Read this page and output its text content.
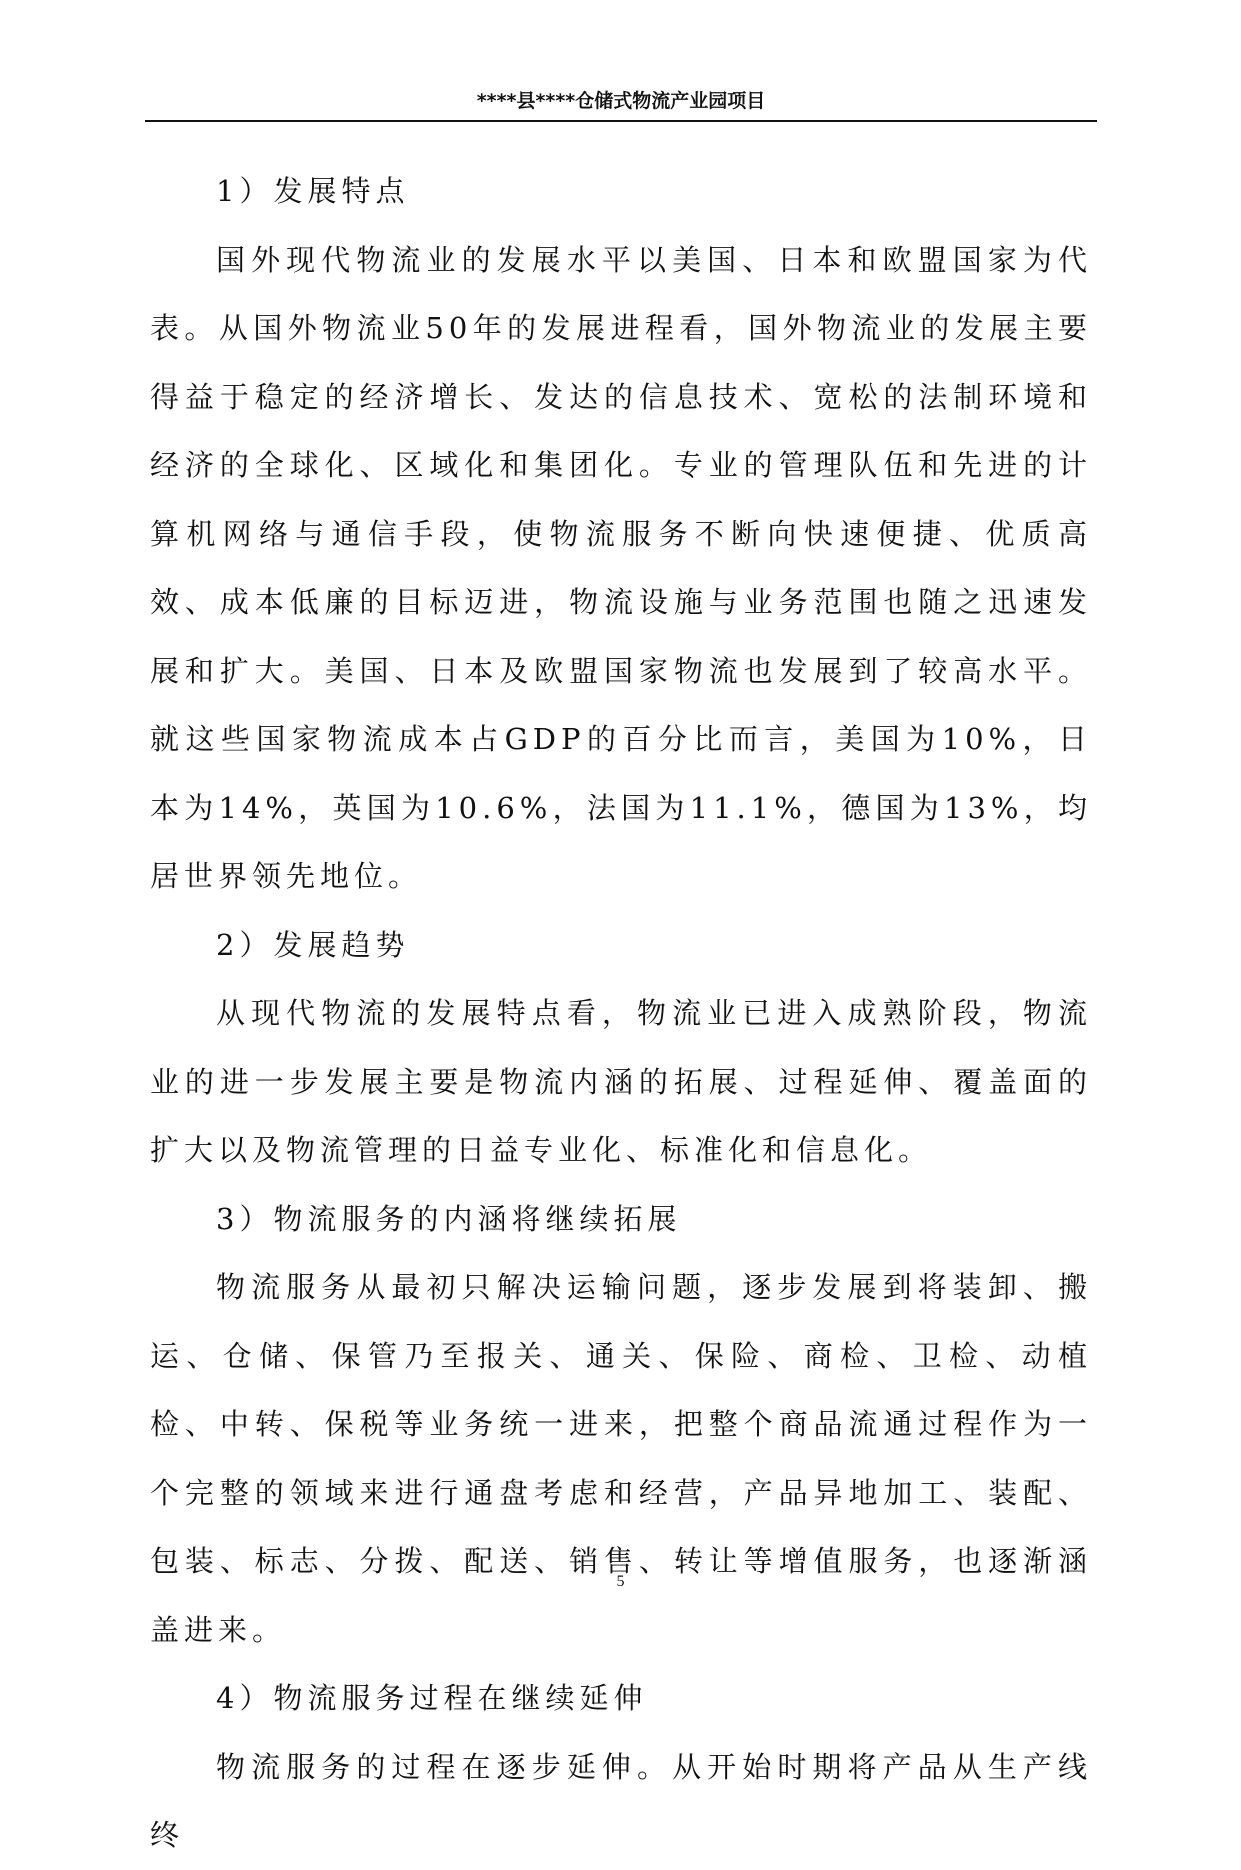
****县****仓储式物流产业园项目

1）发展特点

国外现代物流业的发展水平以美国、日本和欧盟国家为代表。从国外物流业50年的发展进程看，国外物流业的发展主要得益于稳定的经济增长、发达的信息技术、宽松的法制环境和经济的全球化、区域化和集团化。专业的管理队伍和先进的计算机网络与通信手段，使物流服务不断向快速便捷、优质高效、成本低廉的目标迈进，物流设施与业务范围也随之迅速发展和扩大。美国、日本及欧盟国家物流也发展到了较高水平。就这些国家物流成本占GDP的百分比而言，美国为10%，日本为14%，英国为10.6%，法国为11.1%，德国为13%，均居世界领先地位。

2）发展趋势

从现代物流的发展特点看，物流业已进入成熟阶段，物流业的进一步发展主要是物流内涵的拓展、过程延伸、覆盖面的扩大以及物流管理的日益专业化、标准化和信息化。

3）物流服务的内涵将继续拓展

物流服务从最初只解决运输问题，逐步发展到将装卸、搬运、仓储、保管乃至报关、通关、保险、商检、卫检、动植检、中转、保税等业务统一进来，把整个商品流通过程作为一个完整的领域来进行通盘考虑和经营，产品异地加工、装配、包装、标志、分拨、配送、销售、转让等增值服务，也逐渐涵盖进来。

4）物流服务过程在继续延伸

物流服务的过程在逐步延伸。从开始时期将产品从生产线终

5
